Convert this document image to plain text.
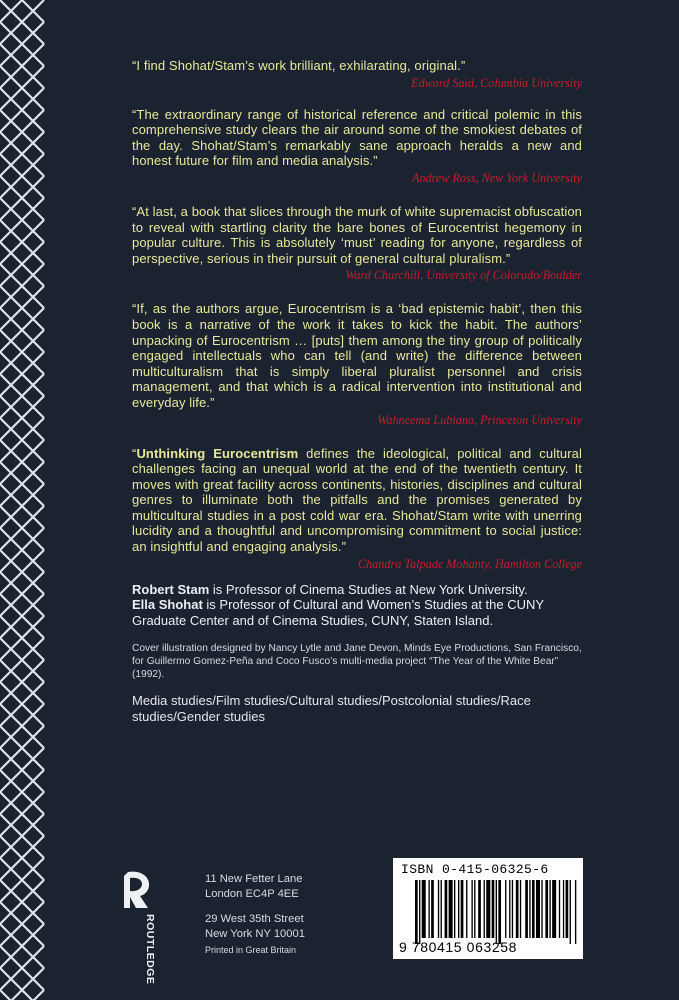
“I find Shohat/Stam’s work brilliant, exhilarating, original.”
Edward Said, Columbia University
“The extraordinary range of historical reference and critical polemic in this comprehensive study clears the air around some of the smokiest debates of the day. Shohat/Stam’s remarkably sane approach heralds a new and honest future for film and media analysis.”
Andrew Ross, New York University
“At last, a book that slices through the murk of white supremacist obfuscation to reveal with startling clarity the bare bones of Eurocentrist hegemony in popular culture. This is absolutely ‘must’ reading for anyone, regardless of perspective, serious in their pursuit of general cultural pluralism.”
Ward Churchill, University of Colorado/Boulder
“If, as the authors argue, Eurocentrism is a ‘bad epistemic habit’, then this book is a narrative of the work it takes to kick the habit. The authors’ unpacking of Eurocentrism … [puts] them among the tiny group of politically engaged intellectuals who can tell (and write) the difference between multiculturalism that is simply liberal pluralist personnel and crisis management, and that which is a radical intervention into institutional and everyday life.”
Wahneema Lubiano, Princeton University
“Unthinking Eurocentrism defines the ideological, political and cultural challenges facing an unequal world at the end of the twentieth century. It moves with great facility across continents, histories, disciplines and cultural genres to illuminate both the pitfalls and the promises generated by multicultural studies in a post cold war era. Shohat/Stam write with unerring lucidity and a thoughtful and uncompromising commitment to social justice: an insightful and engaging analysis.”
Chandra Talpade Mohanty, Hamilton College

Robert Stam is Professor of Cinema Studies at New York University.

Ella Shohat is Professor of Cultural and Women’s Studies at the CUNY Graduate Center and of Cinema Studies, CUNY, Staten Island.

Cover illustration designed by Nancy Lytle and Jane Devon, Minds Eye Productions, San Francisco, for Guillermo Gomez-Peña and Coco Fusco’s multi-media project “The Year of the White Bear” (1992).
Media studies/Film studies/Cultural studies/Postcolonial studies/Race studies/Gender studies
ROUTLEDGE
11 New Fetter Lane
London EC4P 4EE
29 West 35th Street
New York NY 10001
Printed in Great Britain
ISBN 0-415-06325-6
9 780415 063258
